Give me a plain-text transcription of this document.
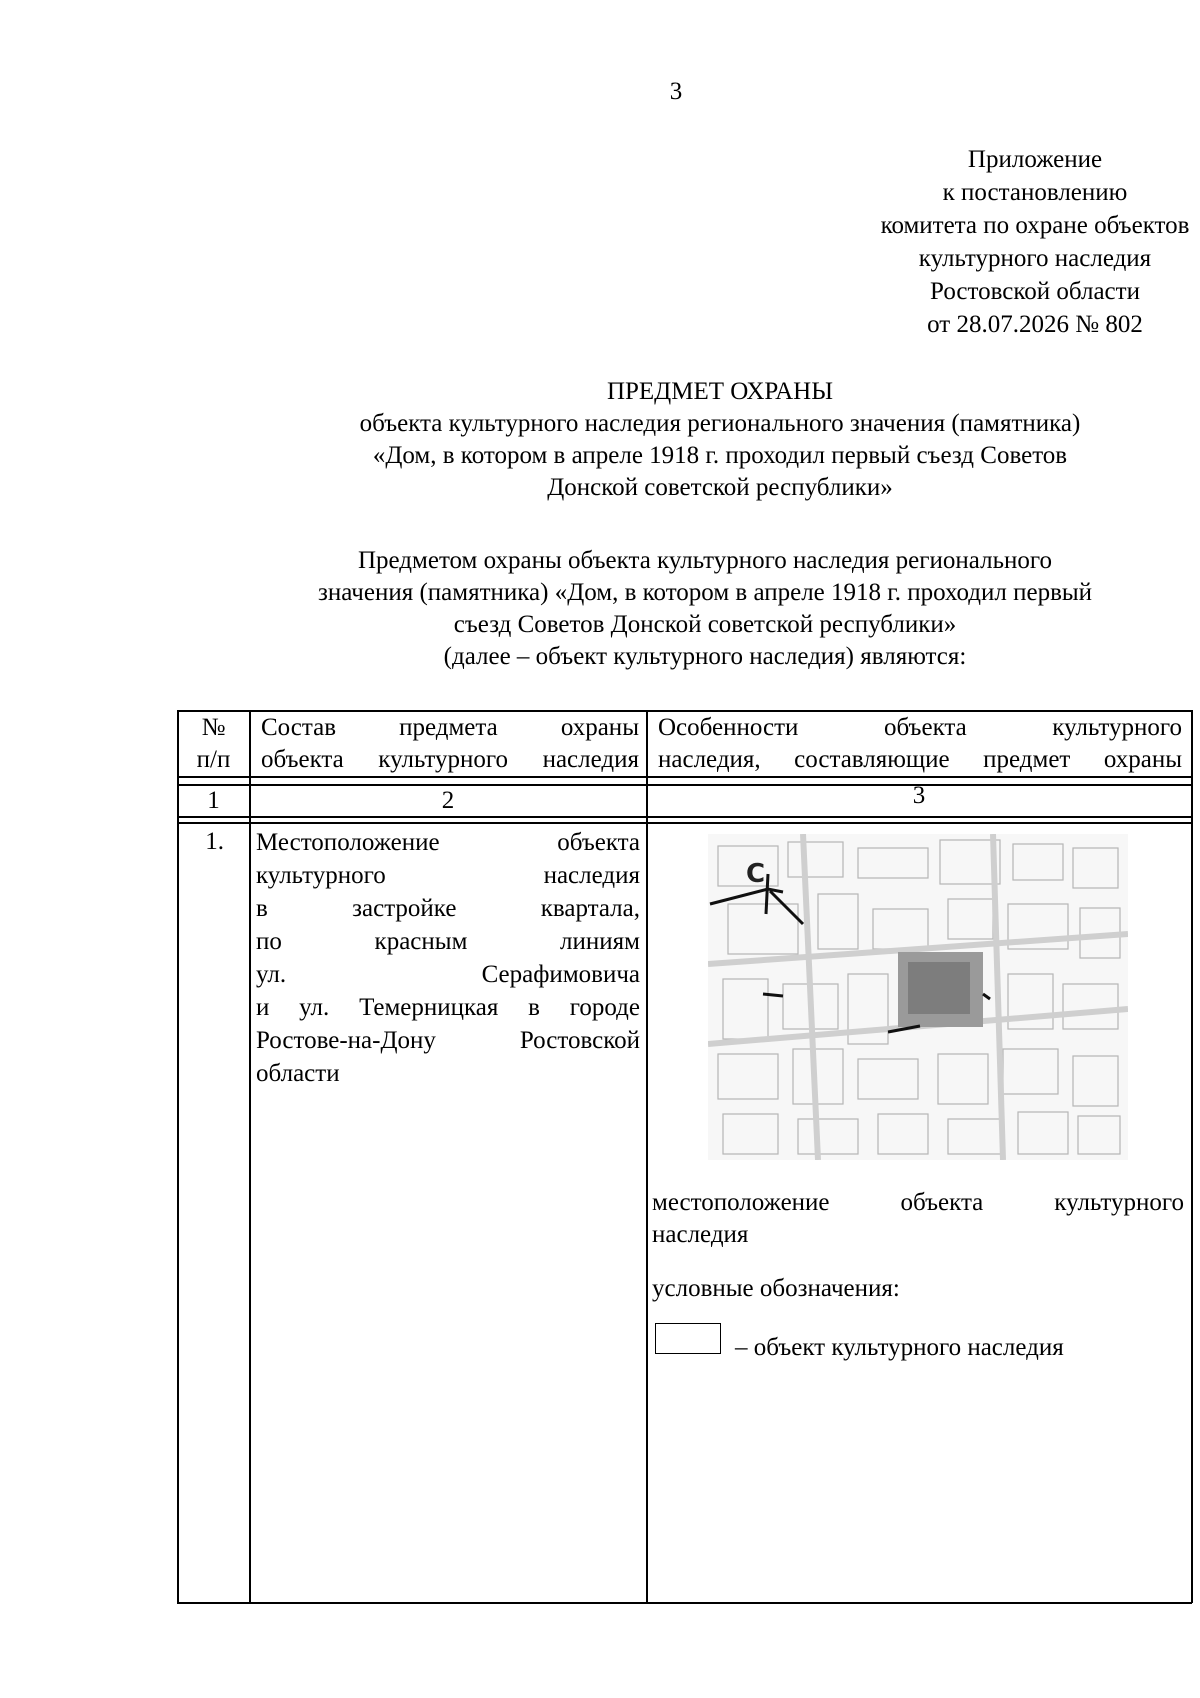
3
Приложение
к постановлению
комитета по охране объектов
культурного наследия
Ростовской области
от 28.07.2026 № 802
ПРЕДМЕТ ОХРАНЫ
объекта культурного наследия регионального значения (памятника)
«Дом, в котором в апреле 1918 г. проходил первый съезд Советов
Донской советской республики»
Предметом охраны объекта культурного наследия регионального
значения (памятника) «Дом, в котором в апреле 1918 г. проходил первый
съезд Советов Донской советской республики»
(далее – объект культурного наследия) являются:
№
п/п
Состав предмета охраны
объекта культурного наследия
Особенности объекта культурного
наследия, составляющие предмет охраны
1	2	3
1. Местоположение объекта
культурного наследия
в застройке квартала,
по красным линиям
ул. Серафимовича
и ул. Темерницкая в городе
Ростове-на-Дону Ростовской
области
С
местоположение объекта культурного
наследия
условные обозначения:
– объект культурного наследия
